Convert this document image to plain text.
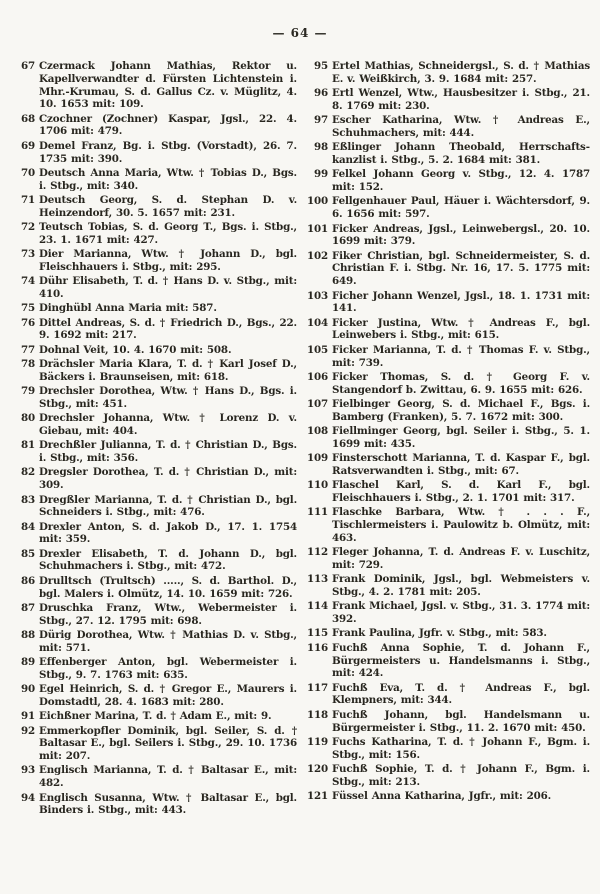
— 64 —
67 Czermack Johann Mathias, Rektor u. Kapellverwandter d. Fürsten Lichtenstein i. Mhr.-Krumau, S. d. Gallus Cz. v. Müglitz, 4. 10. 1653 mit: 109.
68 Czochner (Zochner) Kaspar, Jgsl., 22. 4. 1706 mit: 479.
69 Demel Franz, Bg. i. Stbg. (Vorstadt), 26. 7. 1735 mit: 390.
70 Deutsch Anna Maria, Wtw. † Tobias D., Bgs. i. Stbg., mit: 340.
71 Deutsch Georg, S. d. Stephan D. v. Heinzendorf, 30. 5. 1657 mit: 231.
72 Teutsch Tobias, S. d. Georg T., Bgs. i. Stbg., 23. 1. 1671 mit: 427.
73 Dier Marianna, Wtw. † Johann D., bgl. Fleischhauers i. Stbg., mit: 295.
74 Dühr Elisabeth, T. d. † Hans D. v. Stbg., mit: 410.
75 Dinghübl Anna Maria mit: 587.
76 Dittel Andreas, S. d. † Friedrich D., Bgs., 22. 9. 1692 mit: 217.
77 Dohnal Veit, 10. 4. 1670 mit: 508.
78 Drächsler Maria Klara, T. d. † Karl Josef D., Bäckers i. Braunseisen, mit: 618.
79 Drechsler Dorothea, Wtw. † Hans D., Bgs. i. Stbg., mit: 451.
80 Drechsler Johanna, Wtw. † Lorenz D. v. Giebau, mit: 404.
81 Drechßler Julianna, T. d. † Christian D., Bgs. i. Stbg., mit: 356.
82 Dregsler Dorothea, T. d. † Christian D., mit: 309.
83 Dregßler Marianna, T. d. † Christian D., bgl. Schneiders i. Stbg., mit: 476.
84 Drexler Anton, S. d. Jakob D., 17. 1. 1754 mit: 359.
85 Drexler Elisabeth, T. d. Johann D., bgl. Schuhmachers i. Stbg., mit: 472.
86 Drulltsch (Trultsch) ....., S. d. Barthol. D., bgl. Malers i. Olmütz, 14. 10. 1659 mit: 726.
87 Druschka Franz, Wtw., Webermeister i. Stbg., 27. 12. 1795 mit: 698.
88 Dürig Dorothea, Wtw. † Mathias D. v. Stbg., mit: 571.
89 Effenberger Anton, bgl. Webermeister i. Stbg., 9. 7. 1763 mit: 635.
90 Egel Heinrich, S. d. † Gregor E., Maurers i. Domstadtl, 28. 4. 1683 mit: 280.
91 Eichßner Marina, T. d. † Adam E., mit: 9.
92 Emmerkopfler Dominik, bgl. Seiler, S. d. † Baltasar E., bgl. Seilers i. Stbg., 29. 10. 1736 mit: 207.
93 Englisch Marianna, T. d. † Baltasar E., mit: 482.
94 Englisch Susanna, Wtw. † Baltasar E., bgl. Binders i. Stbg., mit: 443.
95 Ertel Mathias, Schneidergsl., S. d. † Mathias E. v. Weißkirch, 3. 9. 1684 mit: 257.
96 Ertl Wenzel, Wtw., Hausbesitzer i. Stbg., 21. 8. 1769 mit: 230.
97 Escher Katharina, Wtw. † Andreas E., Schuhmachers, mit: 444.
98 Eßlinger Johann Theobald, Herrschaftskanzlist i. Stbg., 5. 2. 1684 mit: 381.
99 Felkel Johann Georg v. Stbg., 12. 4. 1787 mit: 152.
100 Fellgenhauer Paul, Häuer i. Wächtersdorf, 9. 6. 1656 mit: 597.
101 Ficker Andreas, Jgsl., Leinwebergsl., 20. 10. 1699 mit: 379.
102 Fiker Christian, bgl. Schneidermeister, S. d. Christian F. i. Stbg. Nr. 16, 17. 5. 1775 mit: 649.
103 Ficher Johann Wenzel, Jgsl., 18. 1. 1731 mit: 141.
104 Ficker Justina, Wtw. † Andreas F., bgl. Leinwebers i. Stbg., mit: 615.
105 Ficker Marianna, T. d. † Thomas F. v. Stbg., mit: 739.
106 Ficker Thomas, S. d. † Georg F. v. Stangendorf b. Zwittau, 6. 9. 1655 mit: 626.
107 Fielbinger Georg, S. d. Michael F., Bgs. i. Bamberg (Franken), 5. 7. 1672 mit: 300.
108 Fiellminger Georg, bgl. Seiler i. Stbg., 5. 1. 1699 mit: 435.
109 Finsterschott Marianna, T. d. Kaspar F., bgl. Ratsverwandten i. Stbg., mit: 67.
110 Flaschel Karl, S. d. Karl F., bgl. Fleischhauers i. Stbg., 2. 1. 1701 mit: 317.
111 Flaschke Barbara, Wtw. † . . . F., Tischlermeisters i. Paulowitz b. Olmütz, mit: 463.
112 Fleger Johanna, T. d. Andreas F. v. Luschitz, mit: 729.
113 Frank Dominik, Jgsl., bgl. Webmeisters v. Stbg., 4. 2. 1781 mit: 205.
114 Frank Michael, Jgsl. v. Stbg., 31. 3. 1774 mit: 392.
115 Frank Paulina, Jgfr. v. Stbg., mit: 583.
116 Fuchß Anna Sophie, T. d. Johann F., Bürgermeisters u. Handelsmanns i. Stbg., mit: 424.
117 Fuchß Eva, T. d. † Andreas F., bgl. Klempners, mit: 344.
118 Fuchß Johann, bgl. Handelsmann u. Bürgermeister i. Stbg., 11. 2. 1670 mit: 450.
119 Fuchs Katharina, T. d. † Johann F., Bgm. i. Stbg., mit: 156.
120 Fuchß Sophie, T. d. † Johann F., Bgm. i. Stbg., mit: 213.
121 Füssel Anna Katharina, Jgfr., mit: 206.
